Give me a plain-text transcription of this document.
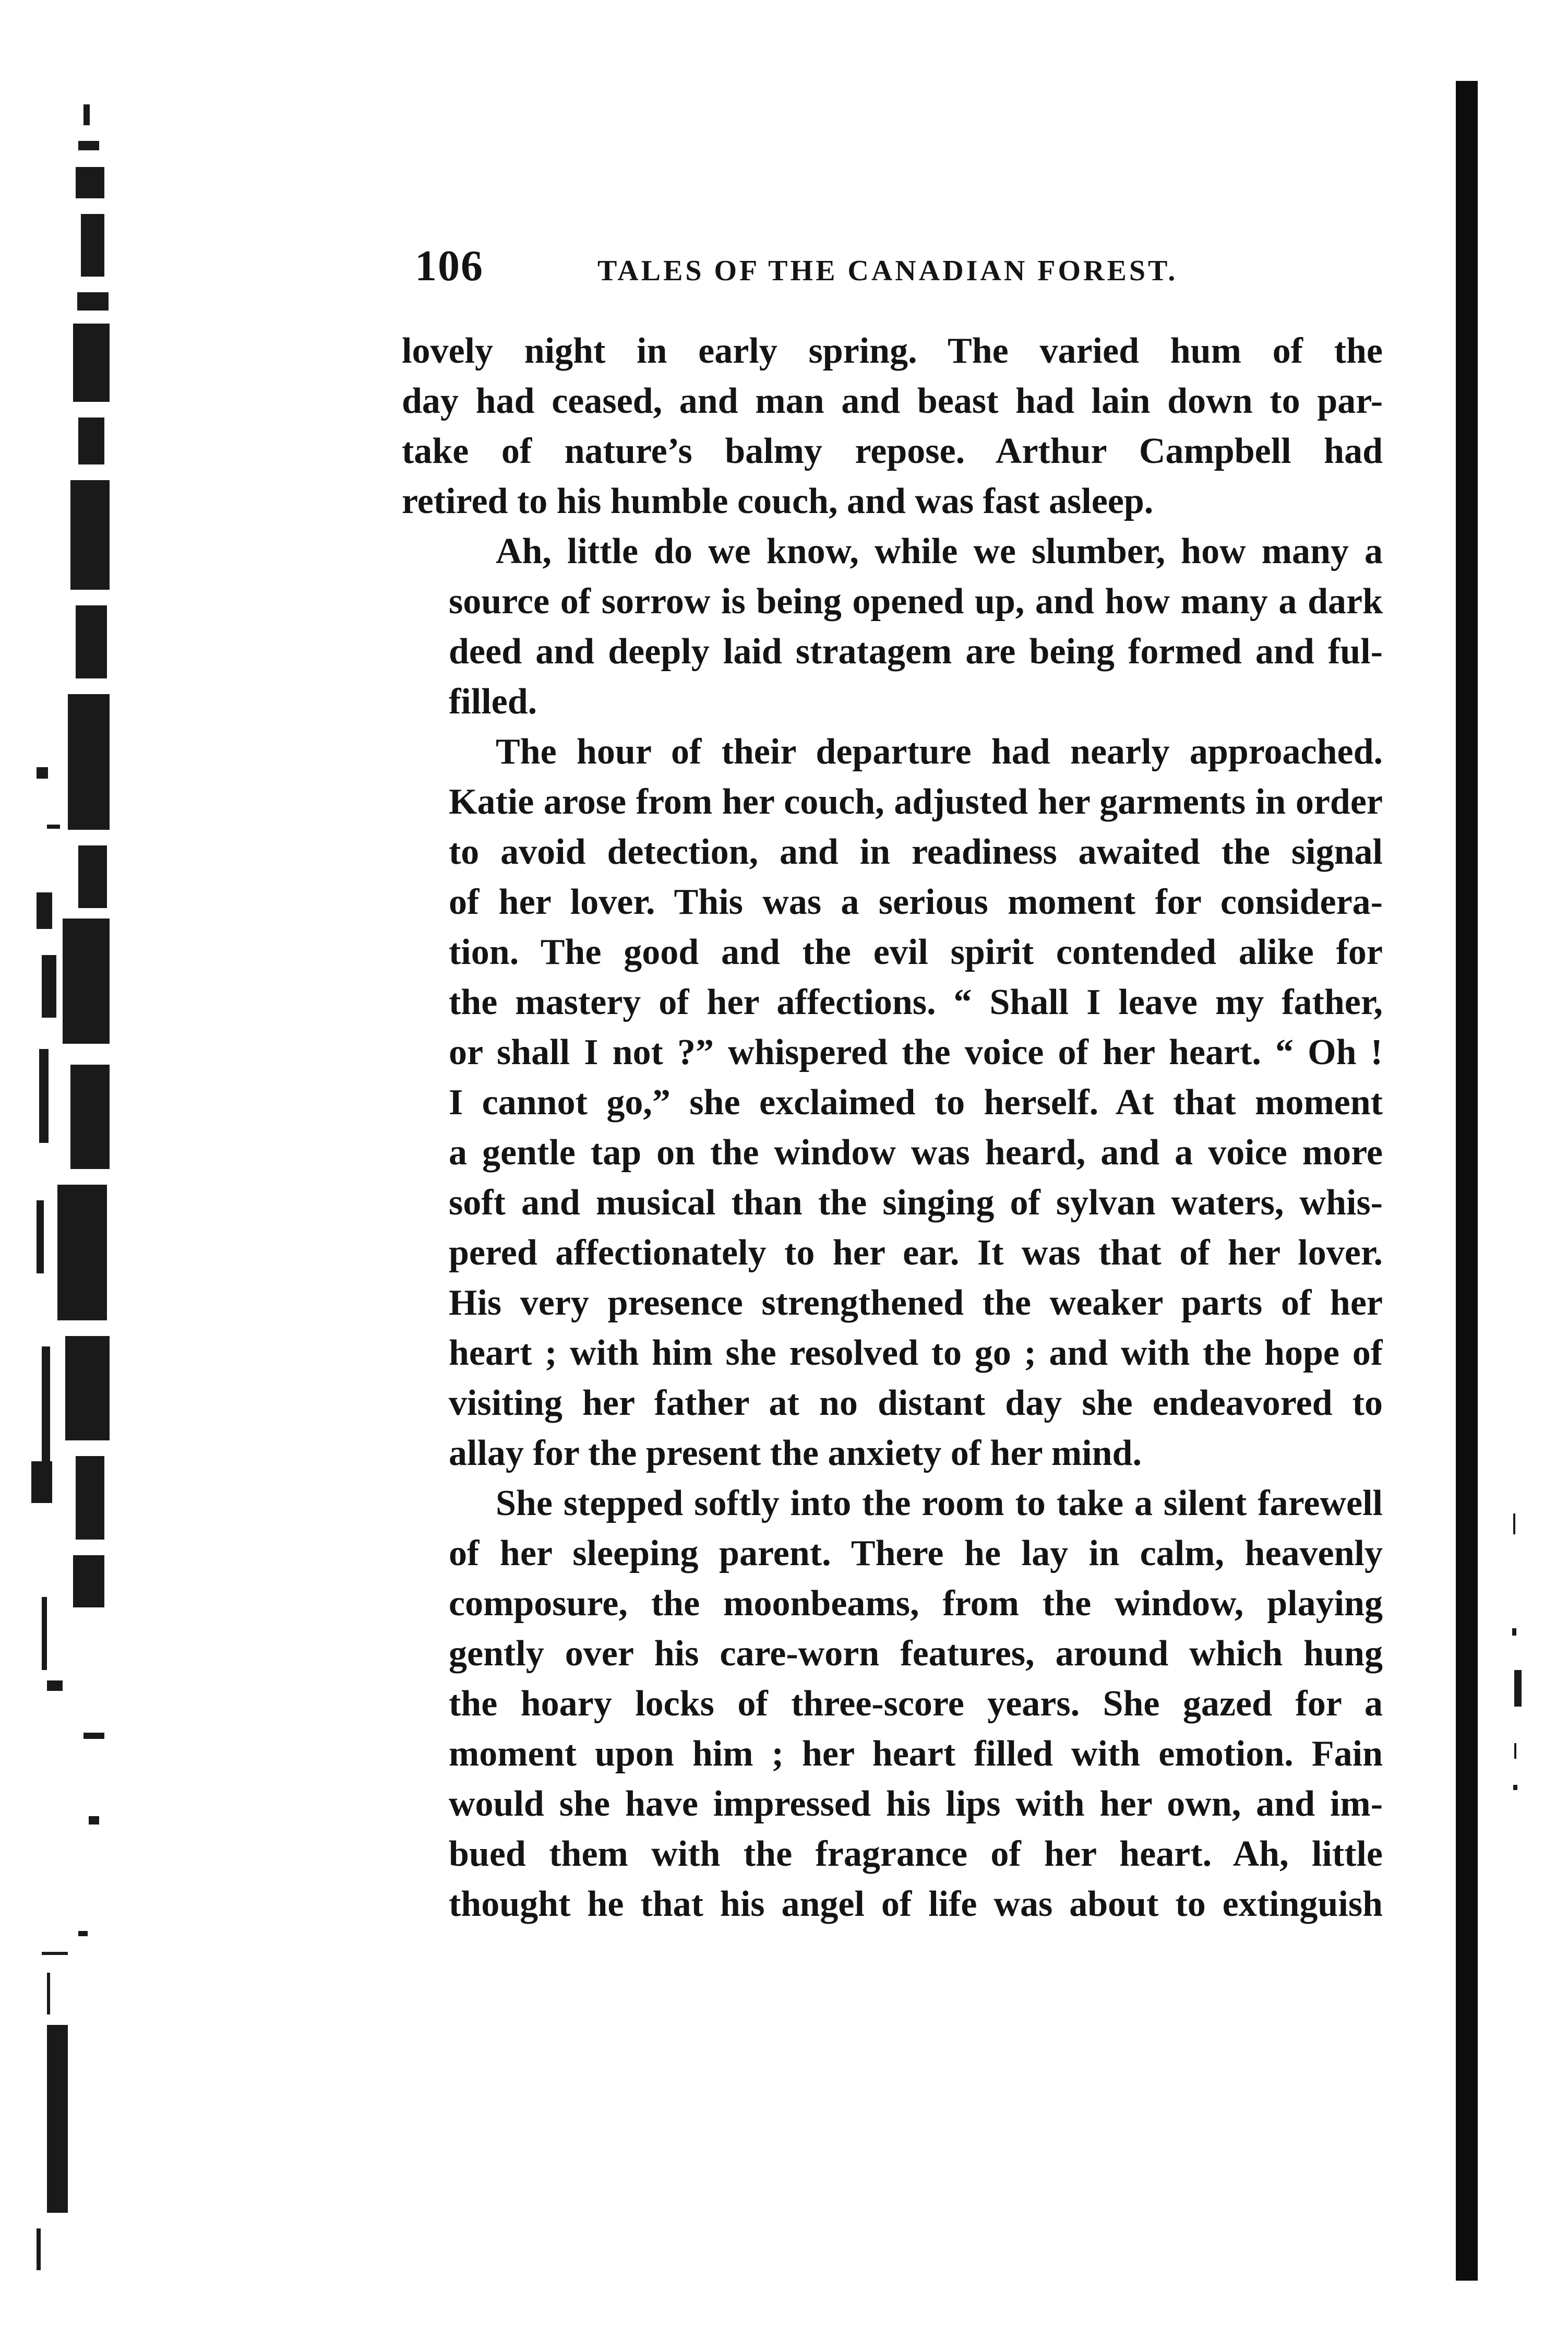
106	TALES OF THE CANADIAN FOREST.
lovely night in early spring. The varied hum of the
day had ceased, and man and beast had lain down to par-
take of nature’s balmy repose. Arthur Campbell had
retired to his humble couch, and was fast asleep.
Ah, little do we know, while we slumber, how many a
source of sorrow is being opened up, and how many a dark
deed and deeply laid stratagem are being formed and ful-
filled.
The hour of their departure had nearly approached.
Katie arose from her couch, adjusted her garments in order
to avoid detection, and in readiness awaited the signal
of her lover. This was a serious moment for considera-
tion. The good and the evil spirit contended alike for
the mastery of her affections. “ Shall I leave my father,
or shall I not ?” whispered the voice of her heart. “ Oh !
I cannot go,” she exclaimed to herself. At that moment
a gentle tap on the window was heard, and a voice more
soft and musical than the singing of sylvan waters, whis-
pered affectionately to her ear. It was that of her lover.
His very presence strengthened the weaker parts of her
heart ; with him she resolved to go ; and with the hope of
visiting her father at no distant day she endeavored to
allay for the present the anxiety of her mind.
She stepped softly into the room to take a silent farewell
of her sleeping parent. There he lay in calm, heavenly
composure, the moonbeams, from the window, playing
gently over his care-worn features, around which hung
the hoary locks of three-score years. She gazed for a
moment upon him ; her heart filled with emotion. Fain
would she have impressed his lips with her own, and im-
bued them with the fragrance of her heart. Ah, little
thought he that his angel of life was about to extinguish
